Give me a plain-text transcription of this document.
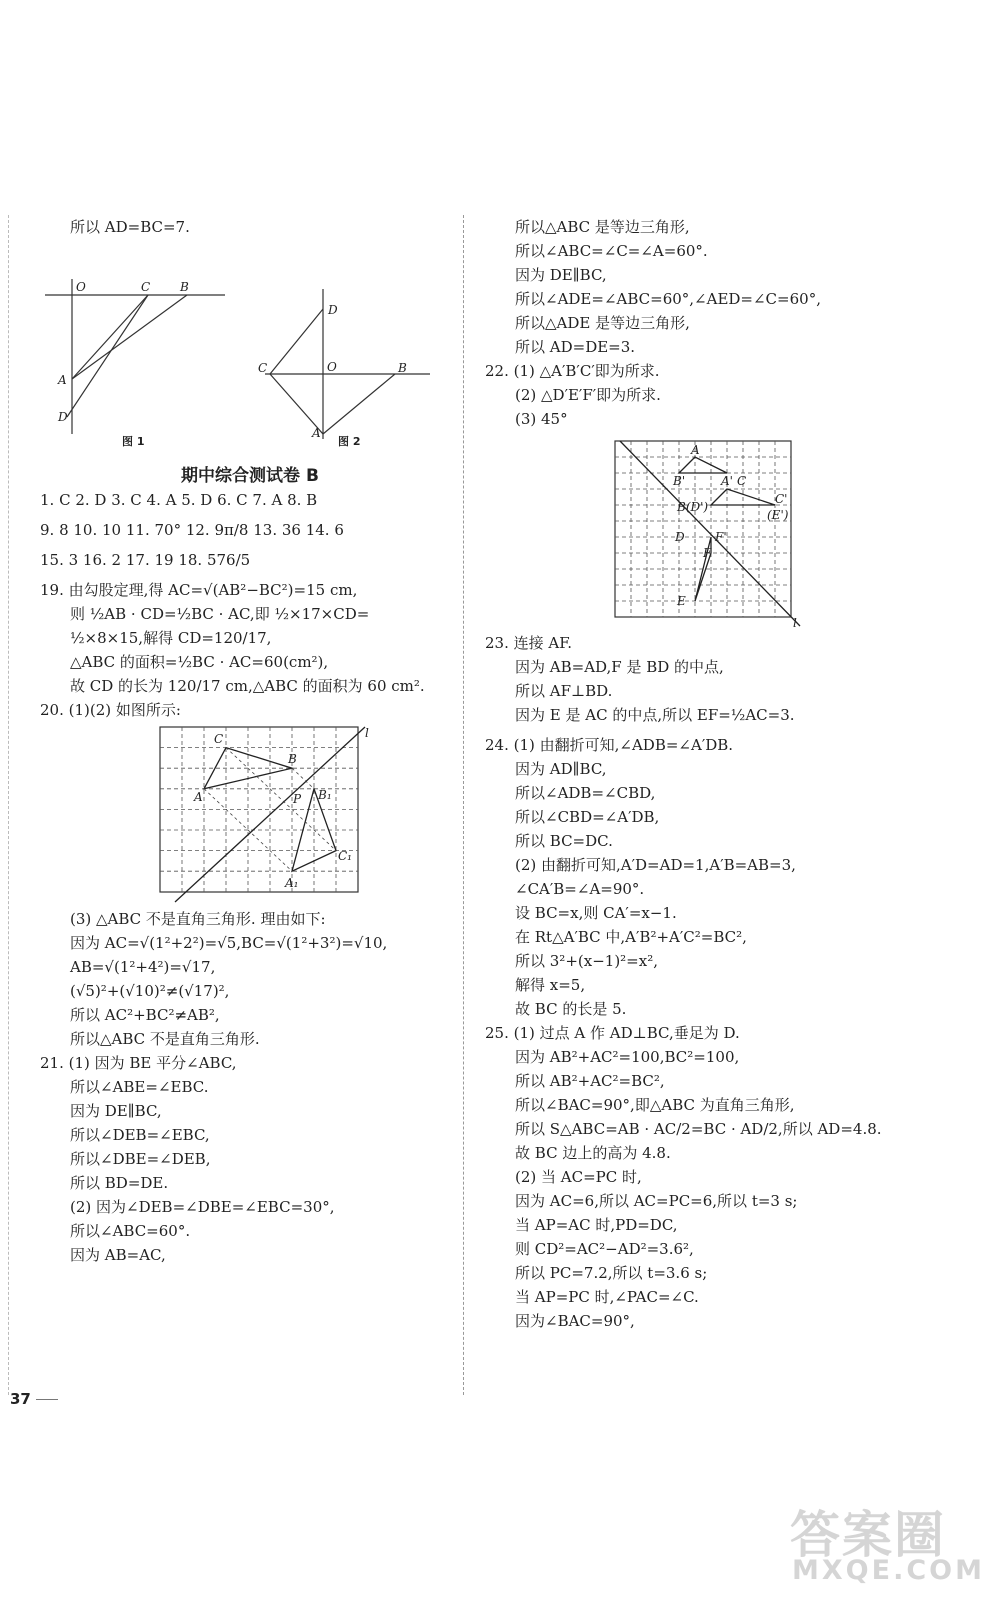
所以 AD=BC=7.
O	C B
A
D
D
C	O	B
A
图 1	图 2
期中综合测试卷 B
1. C 2. D 3. C 4. A 5. D 6. C 7. A 8. B
9. 8 10. 10 11. 70° 12. 9π/8 13. 36 14. 6
15. 3 16. 2 17. 19 18. 576/5
19. 由勾股定理,得 AC=√(AB²−BC²)=15 cm,
则 ½AB · CD=½BC · AC,即 ½×17×CD=
½×8×15,解得 CD=120/17,
△ABC 的面积=½BC · AC=60(cm²),
故 CD 的长为 120/17 cm,△ABC 的面积为 60 cm².
20. (1)(2) 如图所示:
C
B
A	P B₁
C₁
A₁
l
(3) △ABC 不是直角三角形. 理由如下:
因为 AC=√(1²+2²)=√5,BC=√(1²+3²)=√10,
AB=√(1²+4²)=√17,
(√5)²+(√10)²≠(√17)²,
所以 AC²+BC²≠AB²,
所以△ABC 不是直角三角形.
21. (1) 因为 BE 平分∠ABC,
所以∠ABE=∠EBC.
因为 DE∥BC,
所以∠DEB=∠EBC,
所以∠DBE=∠DEB,
所以 BD=DE.
(2) 因为∠DEB=∠DBE=∠EBC=30°,
所以∠ABC=60°.
因为 AB=AC,
所以△ABC 是等边三角形,
所以∠ABC=∠C=∠A=60°.
因为 DE∥BC,
所以∠ADE=∠ABC=60°,∠AED=∠C=60°,
所以△ADE 是等边三角形,
所以 AD=DE=3.
22. (1) △A′B′C′即为所求.
(2) △D′E′F′即为所求.
(3) 45°
A
B'	A' C
B(D')
C'
(E')
D	F'
F
E
l
23. 连接 AF.
因为 AB=AD,F 是 BD 的中点,
所以 AF⊥BD.
因为 E 是 AC 的中点,所以 EF=½AC=3.
24. (1) 由翻折可知,∠ADB=∠A′DB.
因为 AD∥BC,
所以∠ADB=∠CBD,
所以∠CBD=∠A′DB,
所以 BC=DC.
(2) 由翻折可知,A′D=AD=1,A′B=AB=3,
∠CA′B=∠A=90°.
设 BC=x,则 CA′=x−1.
在 Rt△A′BC 中,A′B²+A′C²=BC²,
所以 3²+(x−1)²=x²,
解得 x=5,
故 BC 的长是 5.
25. (1) 过点 A 作 AD⊥BC,垂足为 D.
因为 AB²+AC²=100,BC²=100,
所以 AB²+AC²=BC²,
所以∠BAC=90°,即△ABC 为直角三角形,
所以 S△ABC=AB · AC/2=BC · AD/2,所以 AD=4.8.
故 BC 边上的高为 4.8.
(2) 当 AC=PC 时,
因为 AC=6,所以 AC=PC=6,所以 t=3 s;
当 AP=AC 时,PD=DC,
则 CD²=AC²−AD²=3.6²,
所以 PC=7.2,所以 t=3.6 s;
当 AP=PC 时,∠PAC=∠C.
因为∠BAC=90°,
37
答案圈
MXQE.COM
